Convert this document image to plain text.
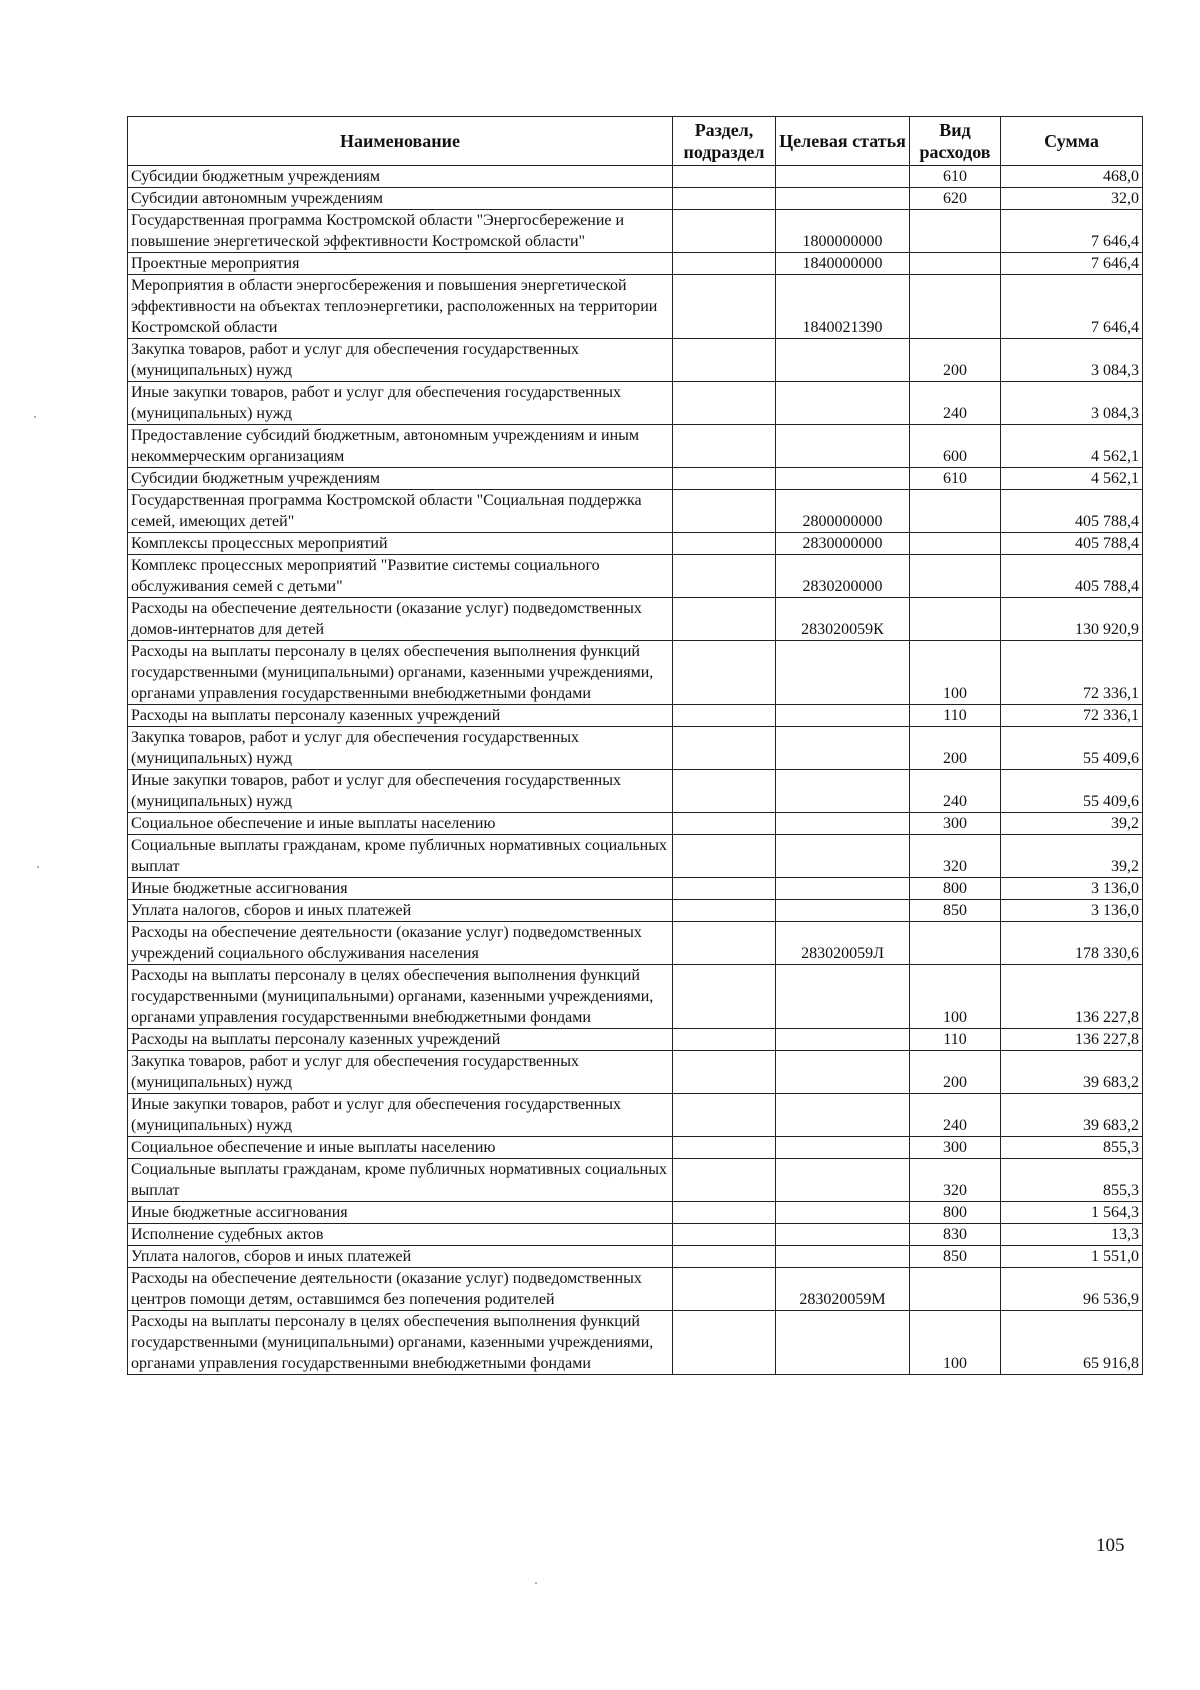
Наименование	Раздел, подраздел	Целевая статья	Вид расходов	Сумма
Субсидии бюджетным учреждениям			610	468,0
Субсидии автономным учреждениям			620	32,0
Государственная программа Костромской области "Энергосбережение и повышение энергетической эффективности Костромской области"		1800000000		7 646,4
Проектные мероприятия		1840000000		7 646,4
Мероприятия в области энергосбережения и повышения энергетической эффективности на объектах теплоэнергетики, расположенных на территории Костромской области		1840021390		7 646,4
Закупка товаров, работ и услуг для обеспечения государственных (муниципальных) нужд			200	3 084,3
Иные закупки товаров, работ и услуг для обеспечения государственных (муниципальных) нужд			240	3 084,3
Предоставление субсидий бюджетным, автономным учреждениям и иным некоммерческим организациям			600	4 562,1
Субсидии бюджетным учреждениям			610	4 562,1
Государственная программа Костромской области "Социальная поддержка семей, имеющих детей"		2800000000		405 788,4
Комплексы процессных мероприятий		2830000000		405 788,4
Комплекс процессных мероприятий "Развитие системы социального обслуживания семей с детьми"		2830200000		405 788,4
Расходы на обеспечение деятельности (оказание услуг) подведомственных домов-интернатов для детей		283020059К		130 920,9
Расходы на выплаты персоналу в целях обеспечения выполнения функций государственными (муниципальными) органами, казенными учреждениями, органами управления государственными внебюджетными фондами			100	72 336,1
Расходы на выплаты персоналу казенных учреждений			110	72 336,1
Закупка товаров, работ и услуг для обеспечения государственных (муниципальных) нужд			200	55 409,6
Иные закупки товаров, работ и услуг для обеспечения государственных (муниципальных) нужд			240	55 409,6
Социальное обеспечение и иные выплаты населению			300	39,2
Социальные выплаты гражданам, кроме публичных нормативных социальных выплат			320	39,2
Иные бюджетные ассигнования			800	3 136,0
Уплата налогов, сборов и иных платежей			850	3 136,0
Расходы на обеспечение деятельности (оказание услуг) подведомственных учреждений социального обслуживания населения		283020059Л		178 330,6
Расходы на выплаты персоналу в целях обеспечения выполнения функций государственными (муниципальными) органами, казенными учреждениями, органами управления государственными внебюджетными фондами			100	136 227,8
Расходы на выплаты персоналу казенных учреждений			110	136 227,8
Закупка товаров, работ и услуг для обеспечения государственных (муниципальных) нужд			200	39 683,2
Иные закупки товаров, работ и услуг для обеспечения государственных (муниципальных) нужд			240	39 683,2
Социальное обеспечение и иные выплаты населению			300	855,3
Социальные выплаты гражданам, кроме публичных нормативных социальных выплат			320	855,3
Иные бюджетные ассигнования			800	1 564,3
Исполнение судебных актов			830	13,3
Уплата налогов, сборов и иных платежей			850	1 551,0
Расходы на обеспечение деятельности (оказание услуг) подведомственных центров помощи детям, оставшимся без попечения родителей		283020059М		96 536,9
Расходы на выплаты персоналу в целях обеспечения выполнения функций государственными (муниципальными) органами, казенными учреждениями, органами управления государственными внебюджетными фондами			100	65 916,8
105
